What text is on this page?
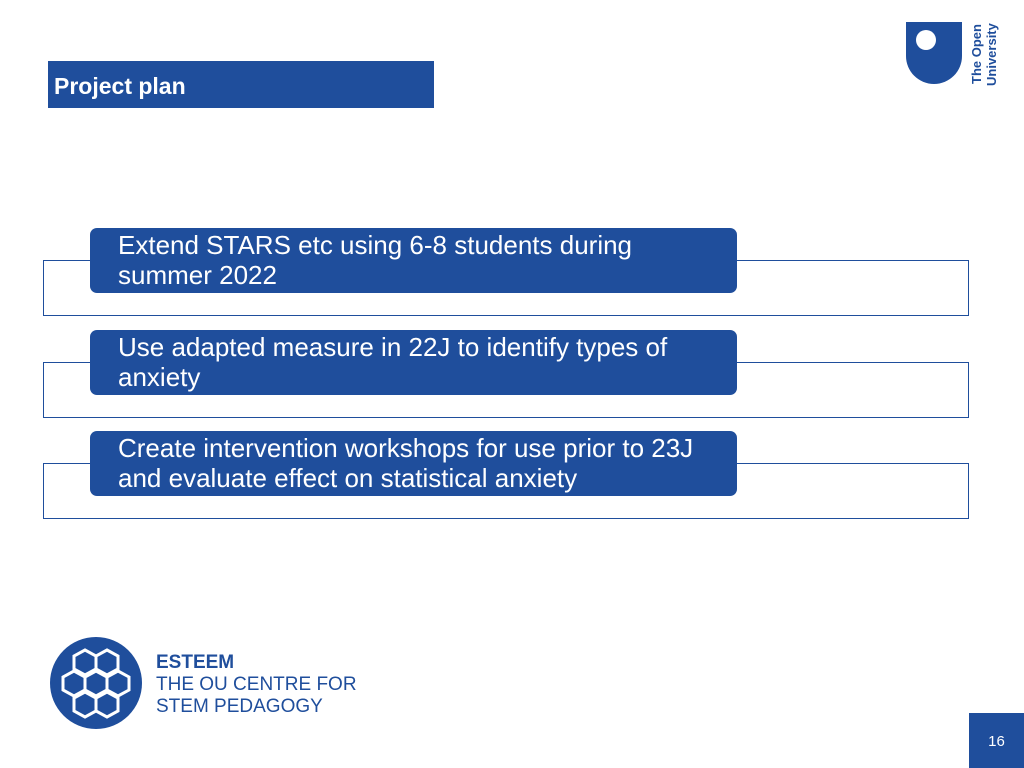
Project plan
The Open University
Extend STARS etc using 6-8 students during summer 2022
Use adapted measure in 22J to identify types of anxiety
Create intervention workshops for use prior to 23J and evaluate effect on statistical anxiety
ESTEEM
THE OU CENTRE FOR
STEM PEDAGOGY
16
